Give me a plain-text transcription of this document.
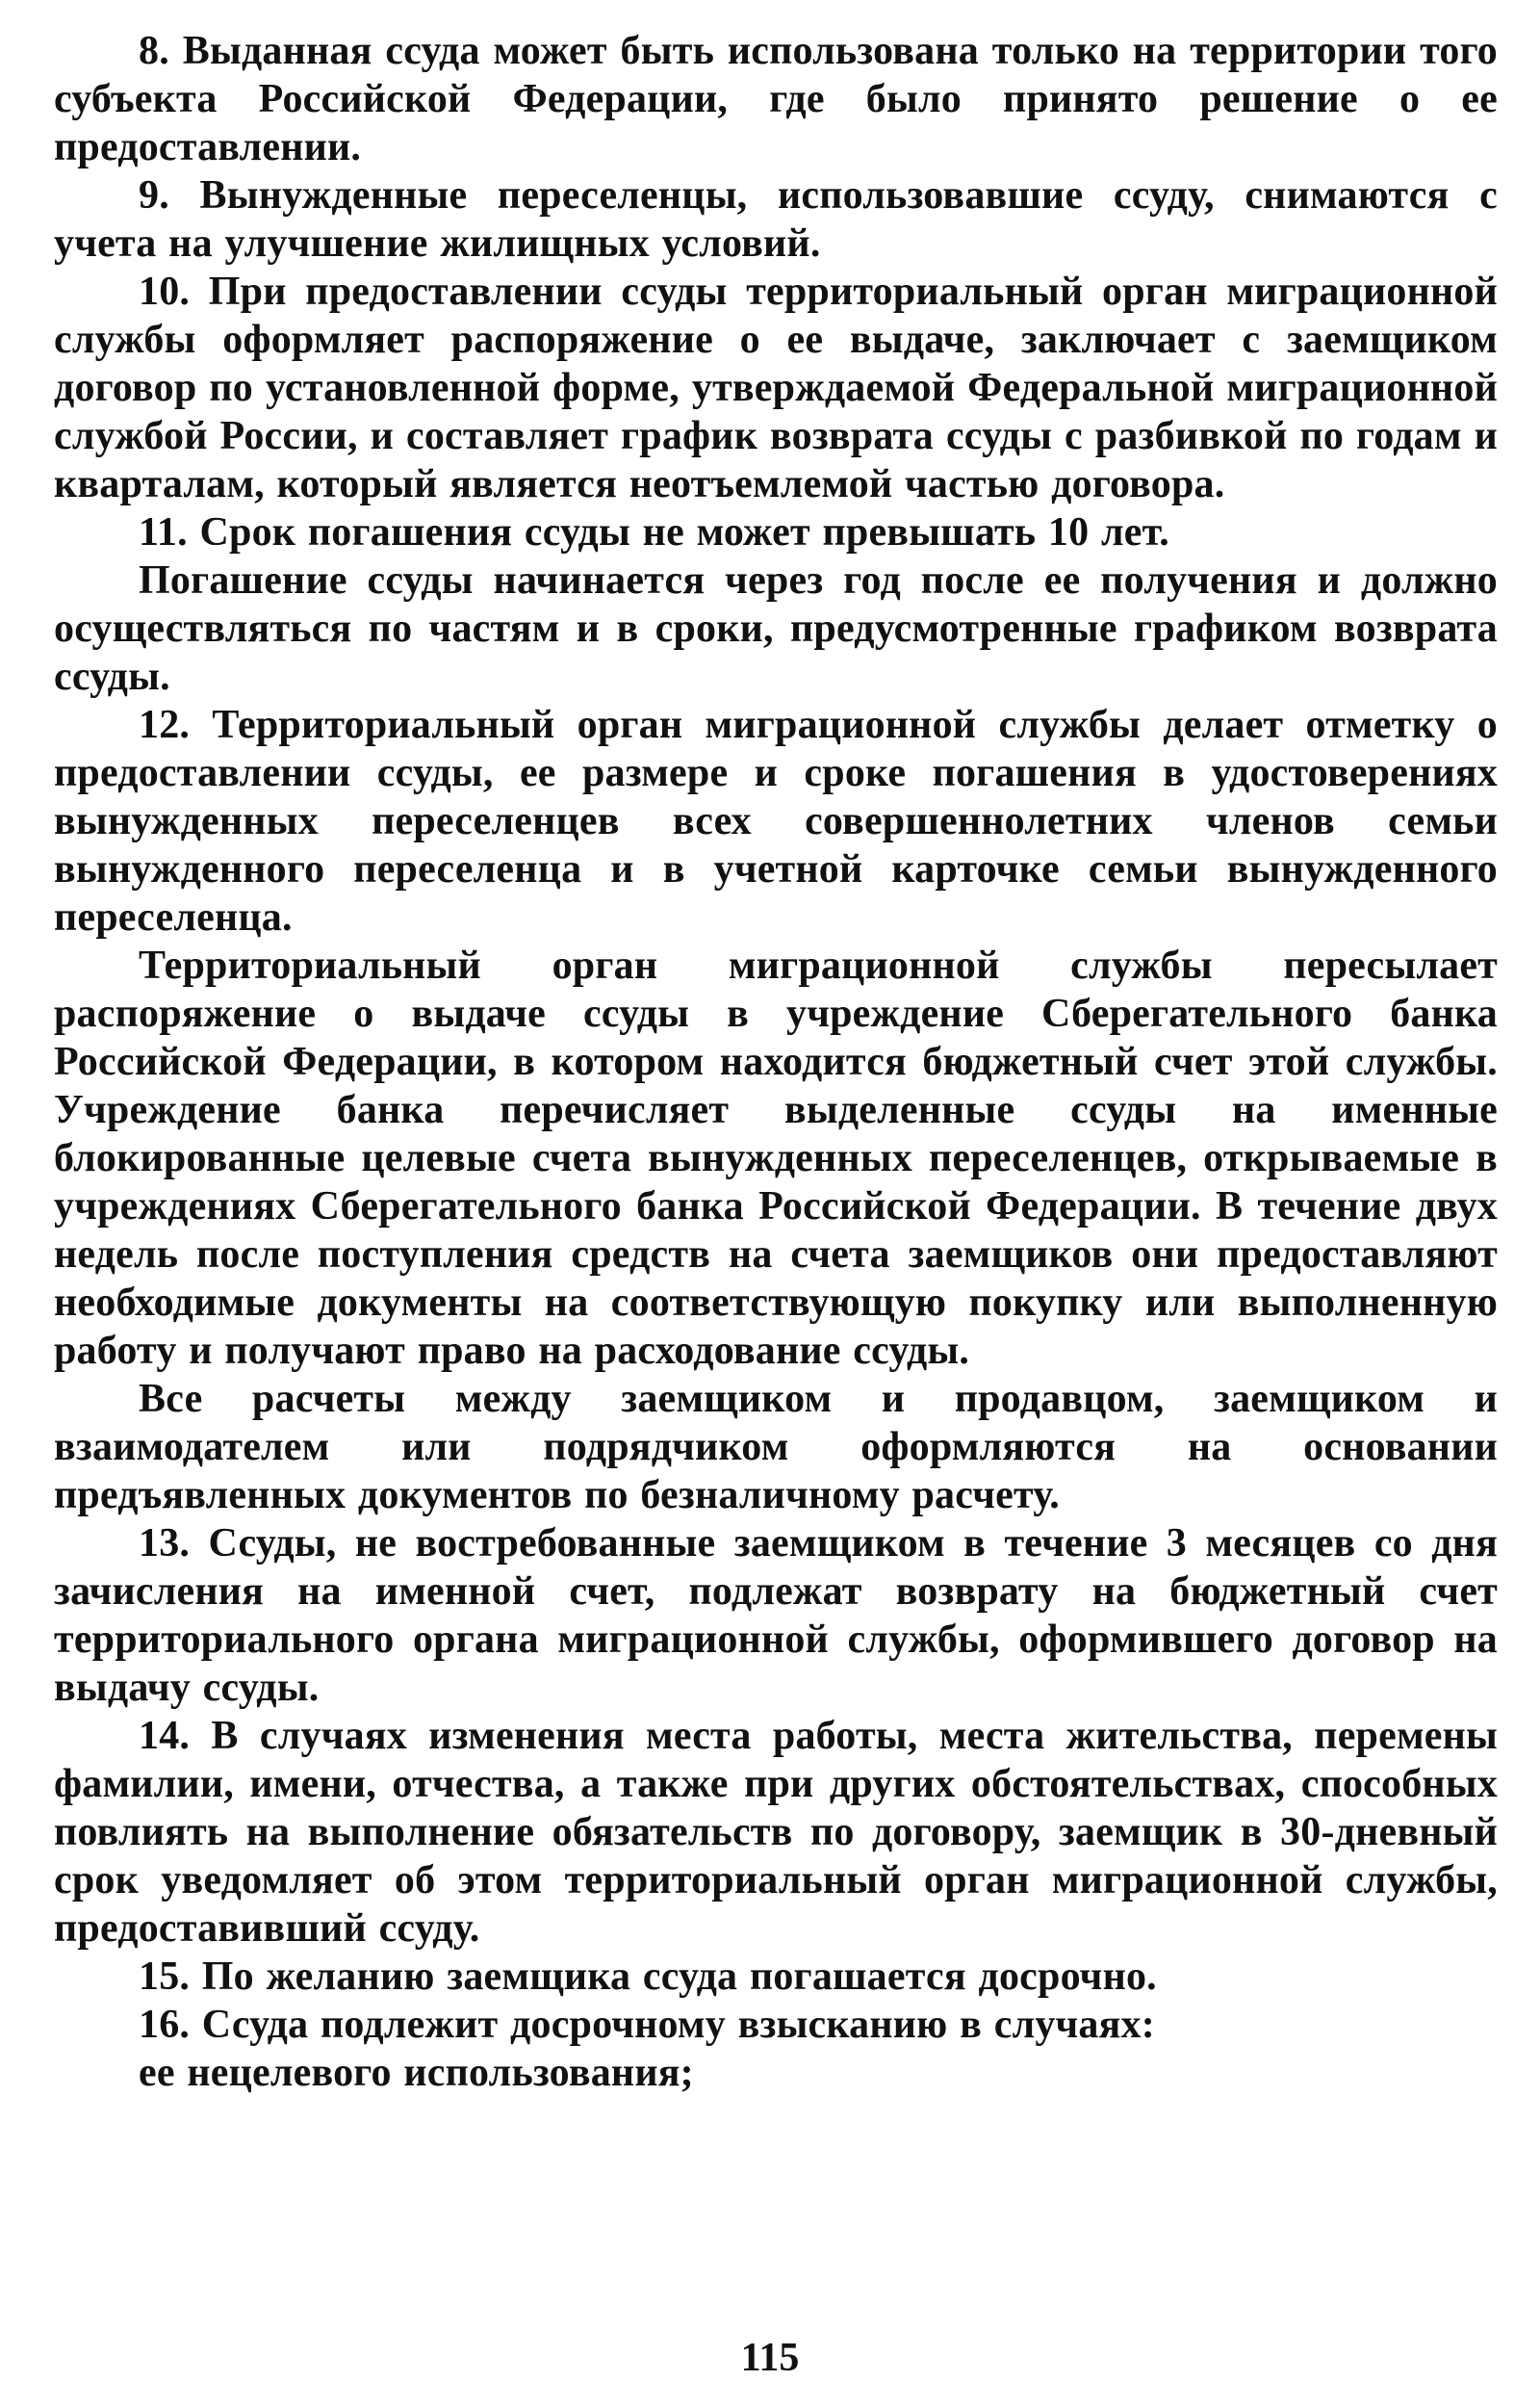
8. Выданная ссуда может быть использована только на территории того субъекта Российской Федерации, где было принято решение о ее предоставлении.

9. Вынужденные переселенцы, использовавшие ссуду, снимаются с учета на улучшение жилищных условий.

10. При предоставлении ссуды территориальный орган миграционной службы оформляет распоряжение о ее выдаче, заключает с заемщиком договор по установленной форме, утверждаемой Федеральной миграционной службой России, и составляет график возврата ссуды с разбивкой по годам и кварталам, который является неотъемлемой частью договора.

11. Срок погашения ссуды не может превышать 10 лет.

Погашение ссуды начинается через год после ее получения и должно осуществляться по частям и в сроки, предусмотренные графиком возврата ссуды.

12. Территориальный орган миграционной службы делает отметку о предоставлении ссуды, ее размере и сроке погашения в удостоверениях вынужденных переселенцев всех совершеннолетних членов семьи вынужденного переселенца и в учетной карточке семьи вынужденного переселенца.

Территориальный орган миграционной службы пересылает распоряжение о выдаче ссуды в учреждение Сберегательного банка Российской Федерации, в котором находится бюджетный счет этой службы. Учреждение банка перечисляет выделенные ссуды на именные блокированные целевые счета вынужденных переселенцев, открываемые в учреждениях Сберегательного банка Российской Федерации. В течение двух недель после поступления средств на счета заемщиков они предоставляют необходимые документы на соответствующую покупку или выполненную работу и получают право на расходование ссуды.

Все расчеты между заемщиком и продавцом, заемщиком и взаимодателем или подрядчиком оформляются на основании предъявленных документов по безналичному расчету.

13. Ссуды, не востребованные заемщиком в течение 3 месяцев со дня зачисления на именной счет, подлежат возврату на бюджетный счет территориального органа миграционной службы, оформившего договор на выдачу ссуды.

14. В случаях изменения места работы, места жительства, перемены фамилии, имени, отчества, а также при других обстоятельствах, способных повлиять на выполнение обязательств по договору, заемщик в 30-дневный срок уведомляет об этом территориальный орган миграционной службы, предоставивший ссуду.

15. По желанию заемщика ссуда погашается досрочно.

16. Ссуда подлежит досрочному взысканию в случаях:

ее нецелевого использования;

115
